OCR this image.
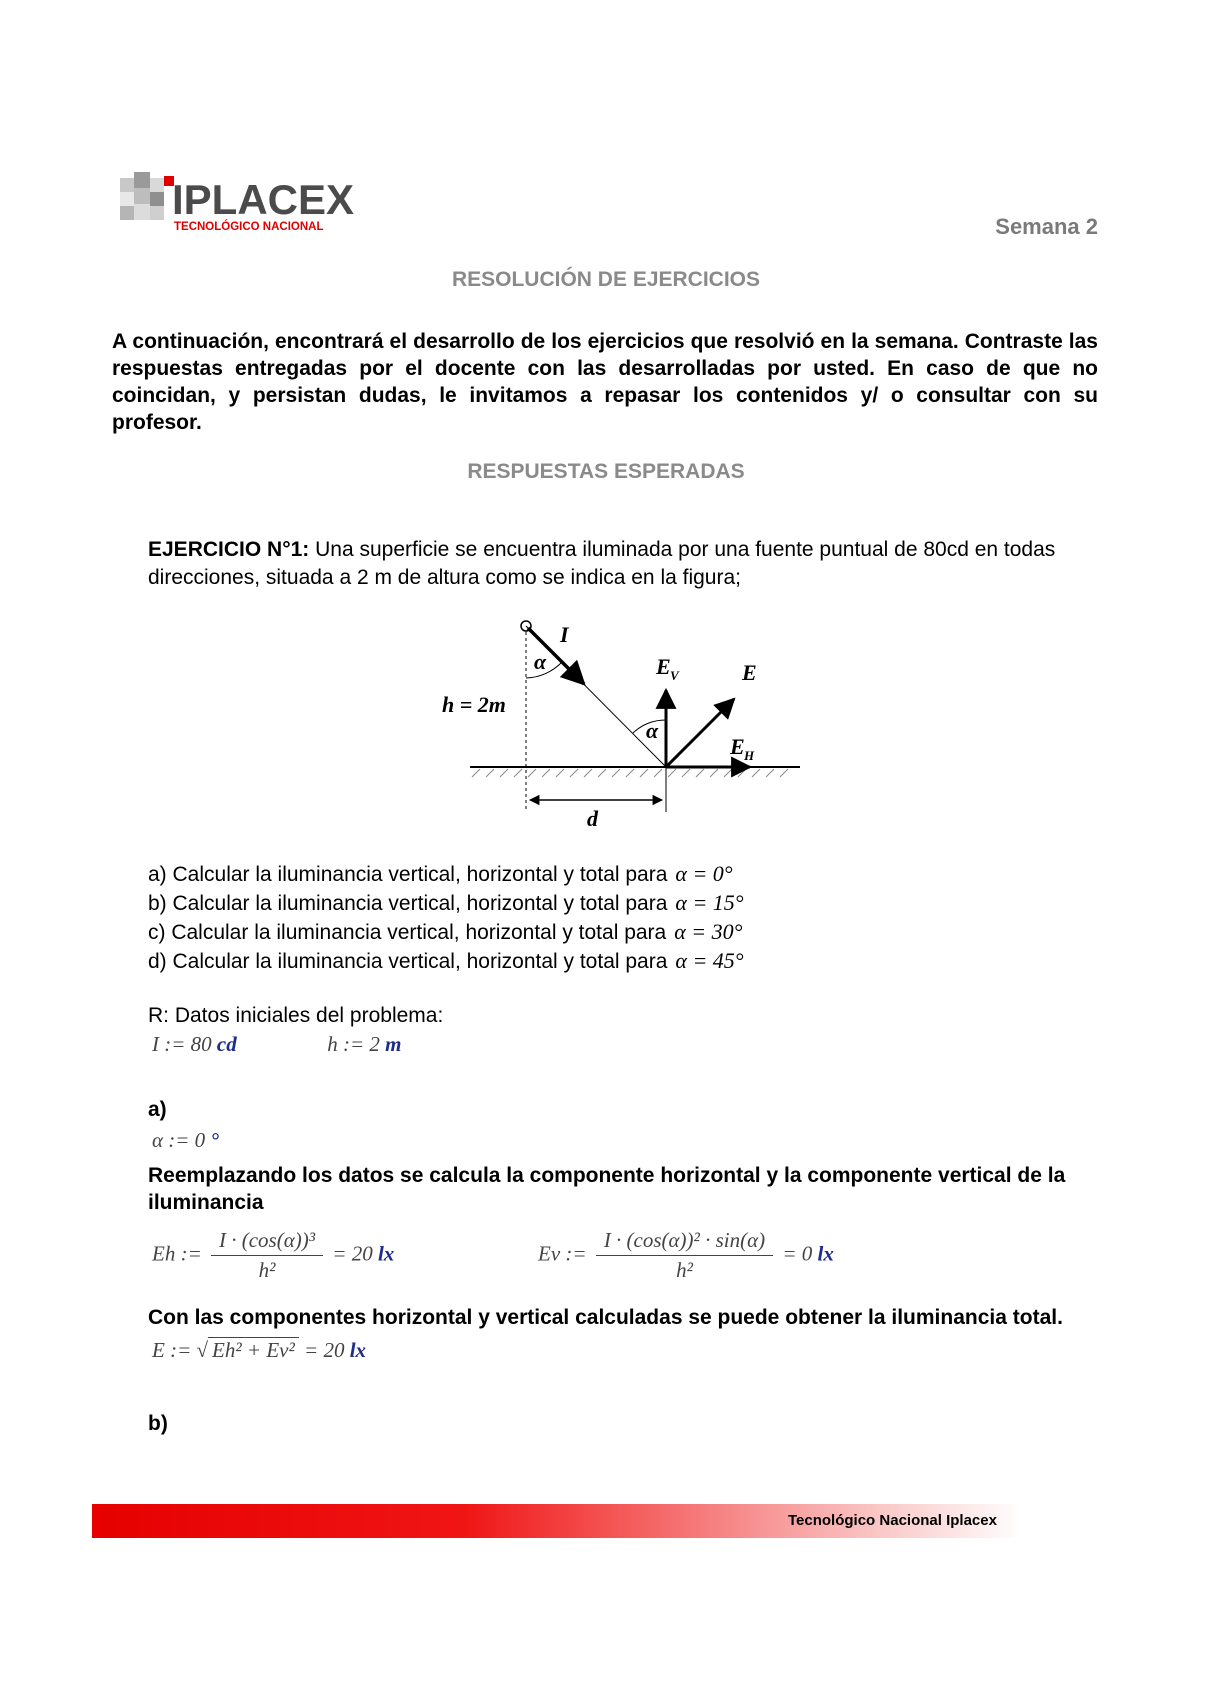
IPLACEX
TECNOLÓGICO NACIONAL	Semana 2
RESOLUCIÓN DE EJERCICIOS
A continuación, encontrará el desarrollo de los ejercicios que resolvió en la semana. Contraste las respuestas entregadas por el docente con las desarrolladas por usted. En caso de que no coincidan, y persistan dudas, le invitamos a repasar los contenidos y/ o consultar con su profesor.
RESPUESTAS ESPERADAS
EJERCICIO N°1: Una superficie se encuentra iluminada por una fuente puntual de 80cd en todas direcciones, situada a 2 m de altura como se indica en la figura;
I
α
α
h = 2m
E V	E
E H
d
a) Calcular la iluminancia vertical, horizontal y total para α = 0°
b) Calcular la iluminancia vertical, horizontal y total para α = 15°
c) Calcular la iluminancia vertical, horizontal y total para α = 30°
d) Calcular la iluminancia vertical, horizontal y total para α = 45°
R: Datos iniciales del problema:
I := 80 cd	h := 2 m
a)
α := 0 °
Reemplazando los datos se calcula la componente horizontal y la componente vertical de la iluminancia
Eh := $\frac{\text{I · (cos(α))³}}{\text{h²}} = 20$ lx	Ev := $\frac{\text{I · (cos(α))² · sin(α)}}{\text{h²}} = 0$ lx
Con las componentes horizontal y vertical calculadas se puede obtener la iluminancia total.
E := √ Eh² + Ev² = 20 lx
b)
Tecnológico Nacional Iplacex
